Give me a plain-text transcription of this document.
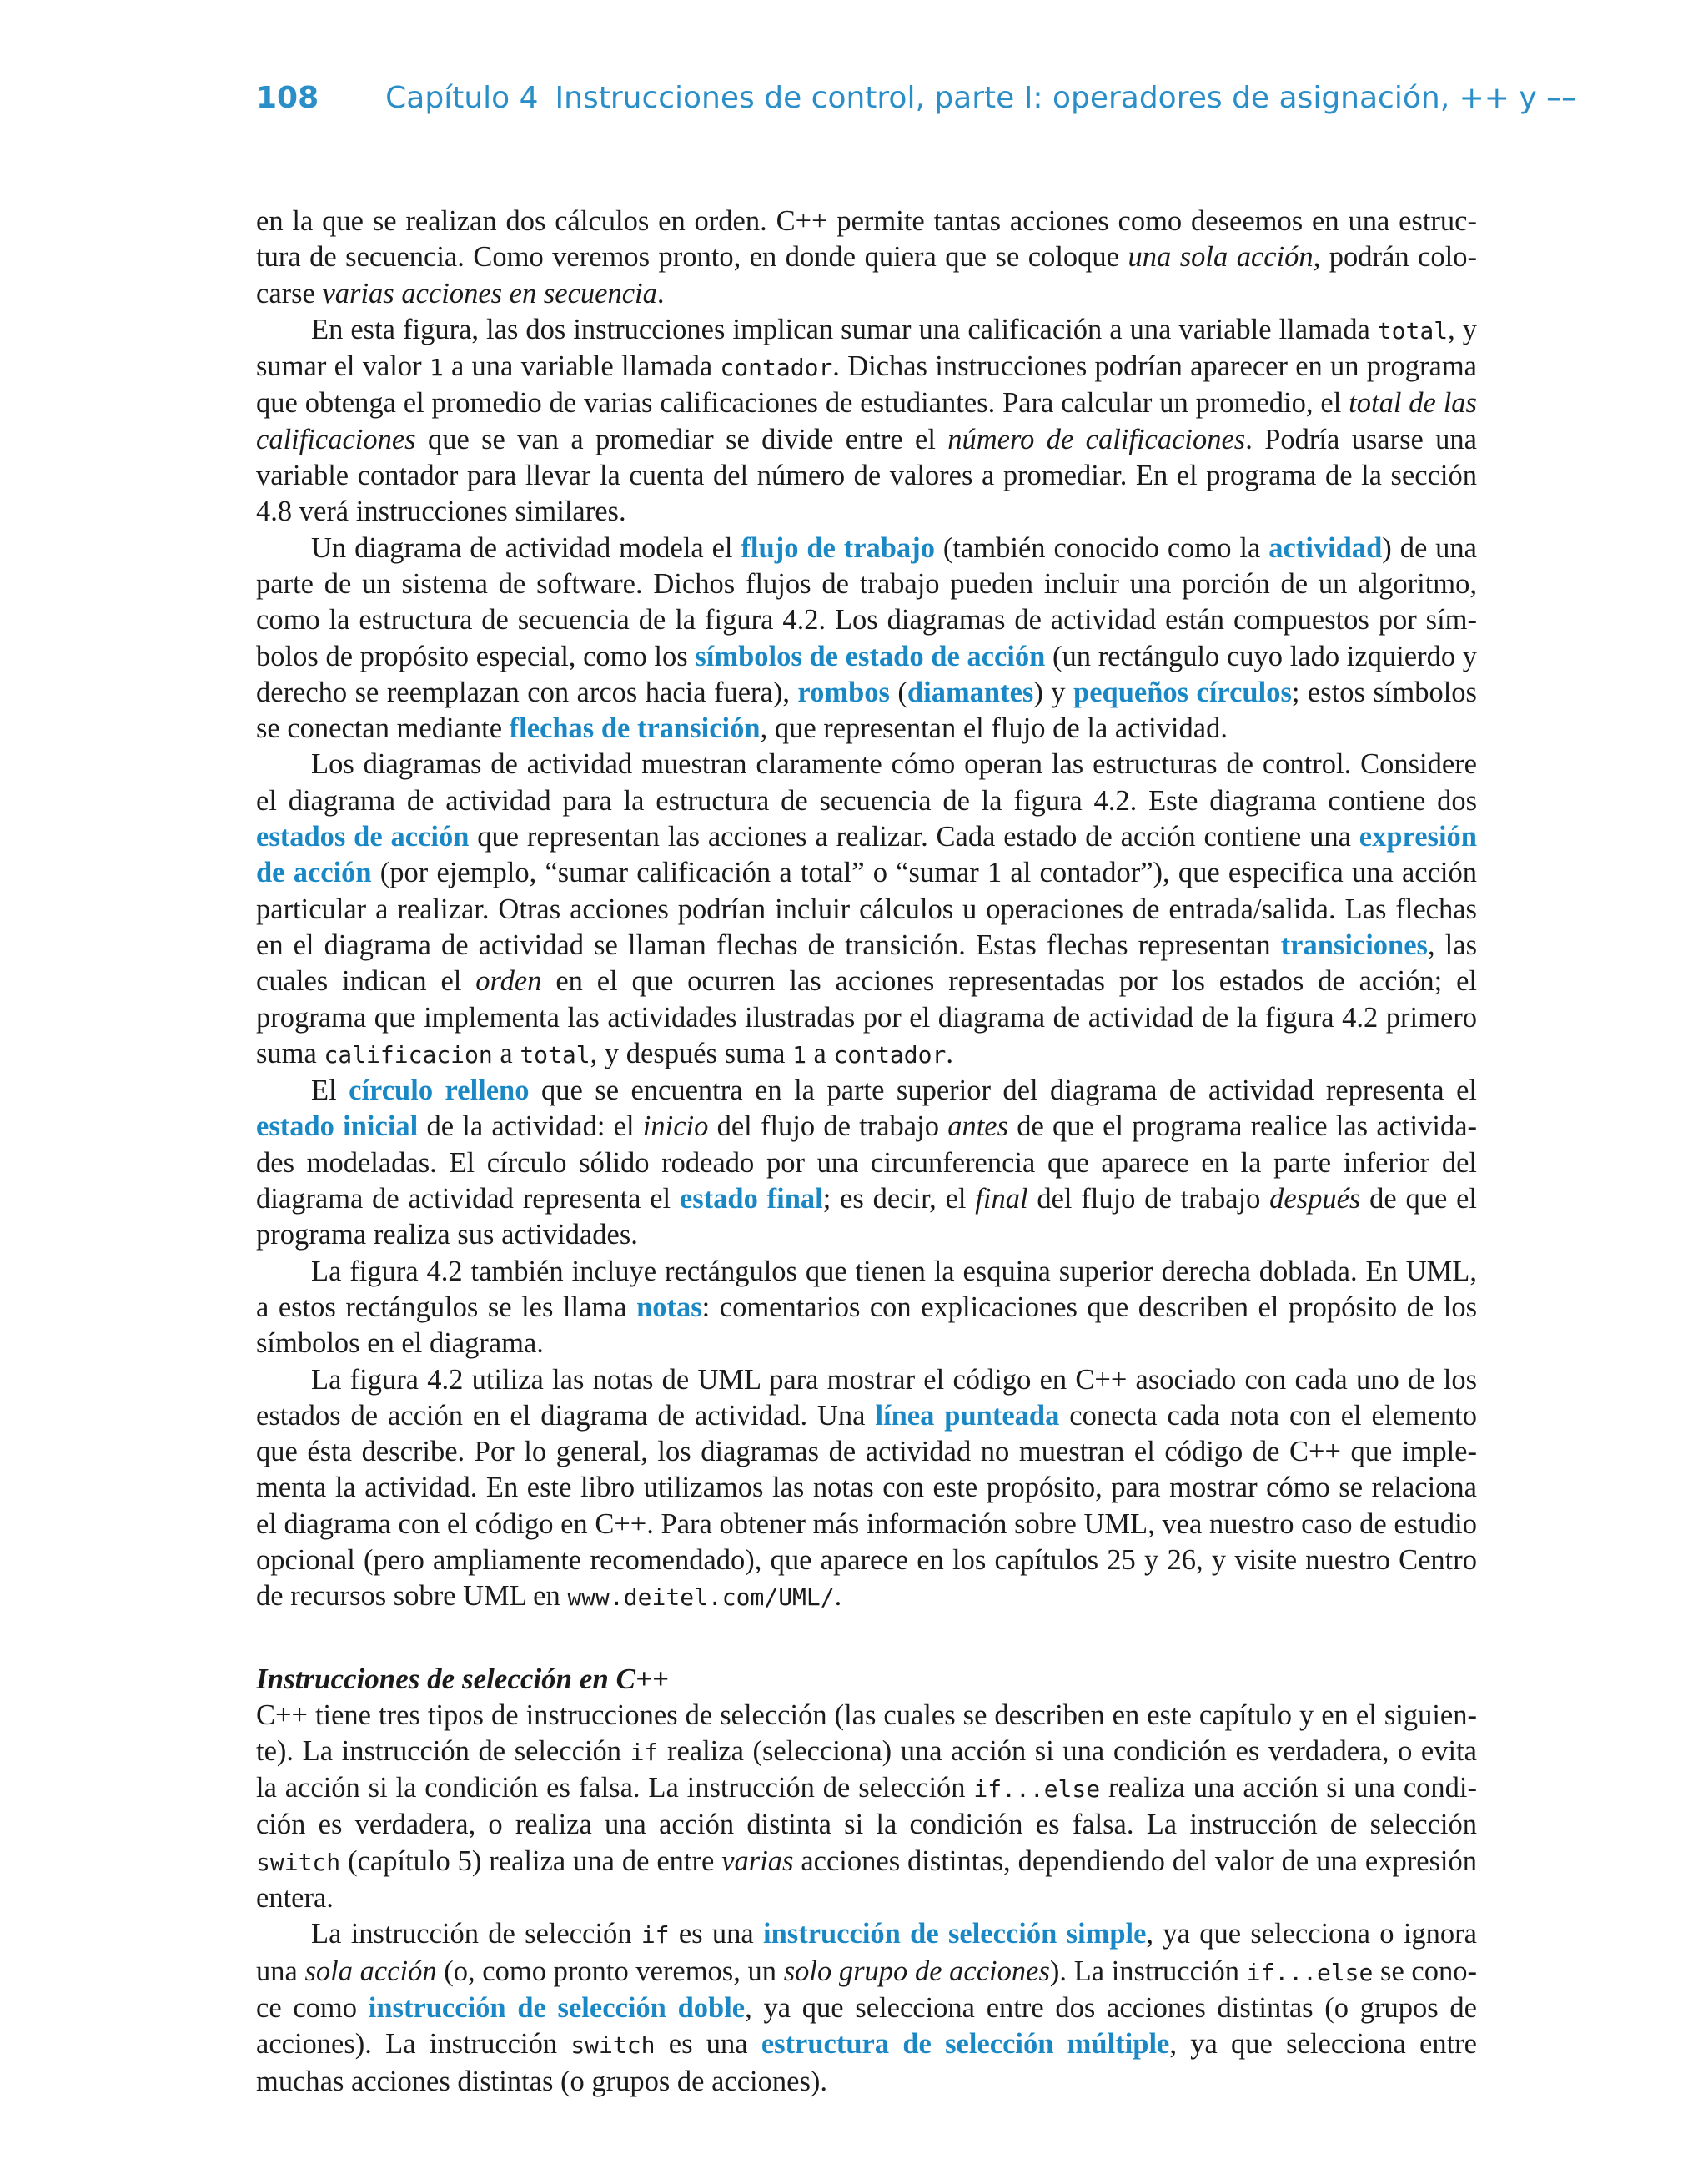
108 Capítulo 4 Instrucciones de control, parte I: operadores de asignación, ++ y ––

en la que se realizan dos cálculos en orden. C++ permite tantas acciones como deseemos en una estructura de secuencia. Como veremos pronto, en donde quiera que se coloque una sola acción, podrán colocarse varias acciones en secuencia.

En esta figura, las dos instrucciones implican sumar una calificación a una variable llamada total, y sumar el valor 1 a una variable llamada contador. Dichas instrucciones podrían aparecer en un programa que obtenga el promedio de varias calificaciones de estudiantes. Para calcular un promedio, el total de las calificaciones que se van a promediar se divide entre el número de calificaciones. Podría usarse una variable contador para llevar la cuenta del número de valores a promediar. En el programa de la sección 4.8 verá instrucciones similares.

Un diagrama de actividad modela el flujo de trabajo (también conocido como la actividad) de una parte de un sistema de software. Dichos flujos de trabajo pueden incluir una porción de un algoritmo, como la estructura de secuencia de la figura 4.2. Los diagramas de actividad están compuestos por símbolos de propósito especial, como los símbolos de estado de acción (un rectángulo cuyo lado izquierdo y derecho se reemplazan con arcos hacia fuera), rombos (diamantes) y pequeños círculos; estos símbolos se conectan mediante flechas de transición, que representan el flujo de la actividad.

Los diagramas de actividad muestran claramente cómo operan las estructuras de control. Considere el diagrama de actividad para la estructura de secuencia de la figura 4.2. Este diagrama contiene dos estados de acción que representan las acciones a realizar. Cada estado de acción contiene una expresión de acción (por ejemplo, “sumar calificación a total” o “sumar 1 al contador”), que especifica una acción particular a realizar. Otras acciones podrían incluir cálculos u operaciones de entrada/​salida. Las flechas en el diagrama de actividad se llaman flechas de transición. Estas flechas representan transiciones, las cuales indican el orden en el que ocurren las acciones representadas por los estados de acción; el programa que implementa las actividades ilustradas por el diagrama de actividad de la figura 4.2 primero suma calificacion a total, y después suma 1 a contador.

El círculo relleno que se encuentra en la parte superior del diagrama de actividad representa el estado inicial de la actividad: el inicio del flujo de trabajo antes de que el programa realice las actividades modeladas. El círculo sólido rodeado por una circunferencia que aparece en la parte inferior del diagrama de actividad representa el estado final; es decir, el final del flujo de trabajo después de que el programa realiza sus actividades.

La figura 4.2 también incluye rectángulos que tienen la esquina superior derecha doblada. En UML, a estos rectángulos se les llama notas: comentarios con explicaciones que describen el propósito de los símbolos en el diagrama.

La figura 4.2 utiliza las notas de UML para mostrar el código en C++ asociado con cada uno de los estados de acción en el diagrama de actividad. Una línea punteada conecta cada nota con el elemento que ésta describe. Por lo general, los diagramas de actividad no muestran el código de C++ que implementa la actividad. En este libro utilizamos las notas con este propósito, para mostrar cómo se relaciona el diagrama con el código en C++. Para obtener más información sobre UML, vea nuestro caso de estudio opcional (pero ampliamente recomendado), que aparece en los capítulos 25 y 26, y visite nuestro Centro de recursos sobre UML en www.deitel.com/UML/.

Instrucciones de selección en C++

C++ tiene tres tipos de instrucciones de selección (las cuales se describen en este capítulo y en el siguiente). La instrucción de selección if realiza (selecciona) una acción si una condición es verdadera, o evita la acción si la condición es falsa. La instrucción de selección if...else realiza una acción si una condición es verdadera, o realiza una acción distinta si la condición es falsa. La instrucción de selección switch (capítulo 5) realiza una de entre varias acciones distintas, dependiendo del valor de una expresión entera.

La instrucción de selección if es una instrucción de selección simple, ya que selecciona o ignora una sola acción (o, como pronto veremos, un solo grupo de acciones). La instrucción if...else se conoce como instrucción de selección doble, ya que selecciona entre dos acciones distintas (o grupos de acciones). La instrucción switch es una estructura de selección múltiple, ya que selecciona entre muchas acciones distintas (o grupos de acciones).
